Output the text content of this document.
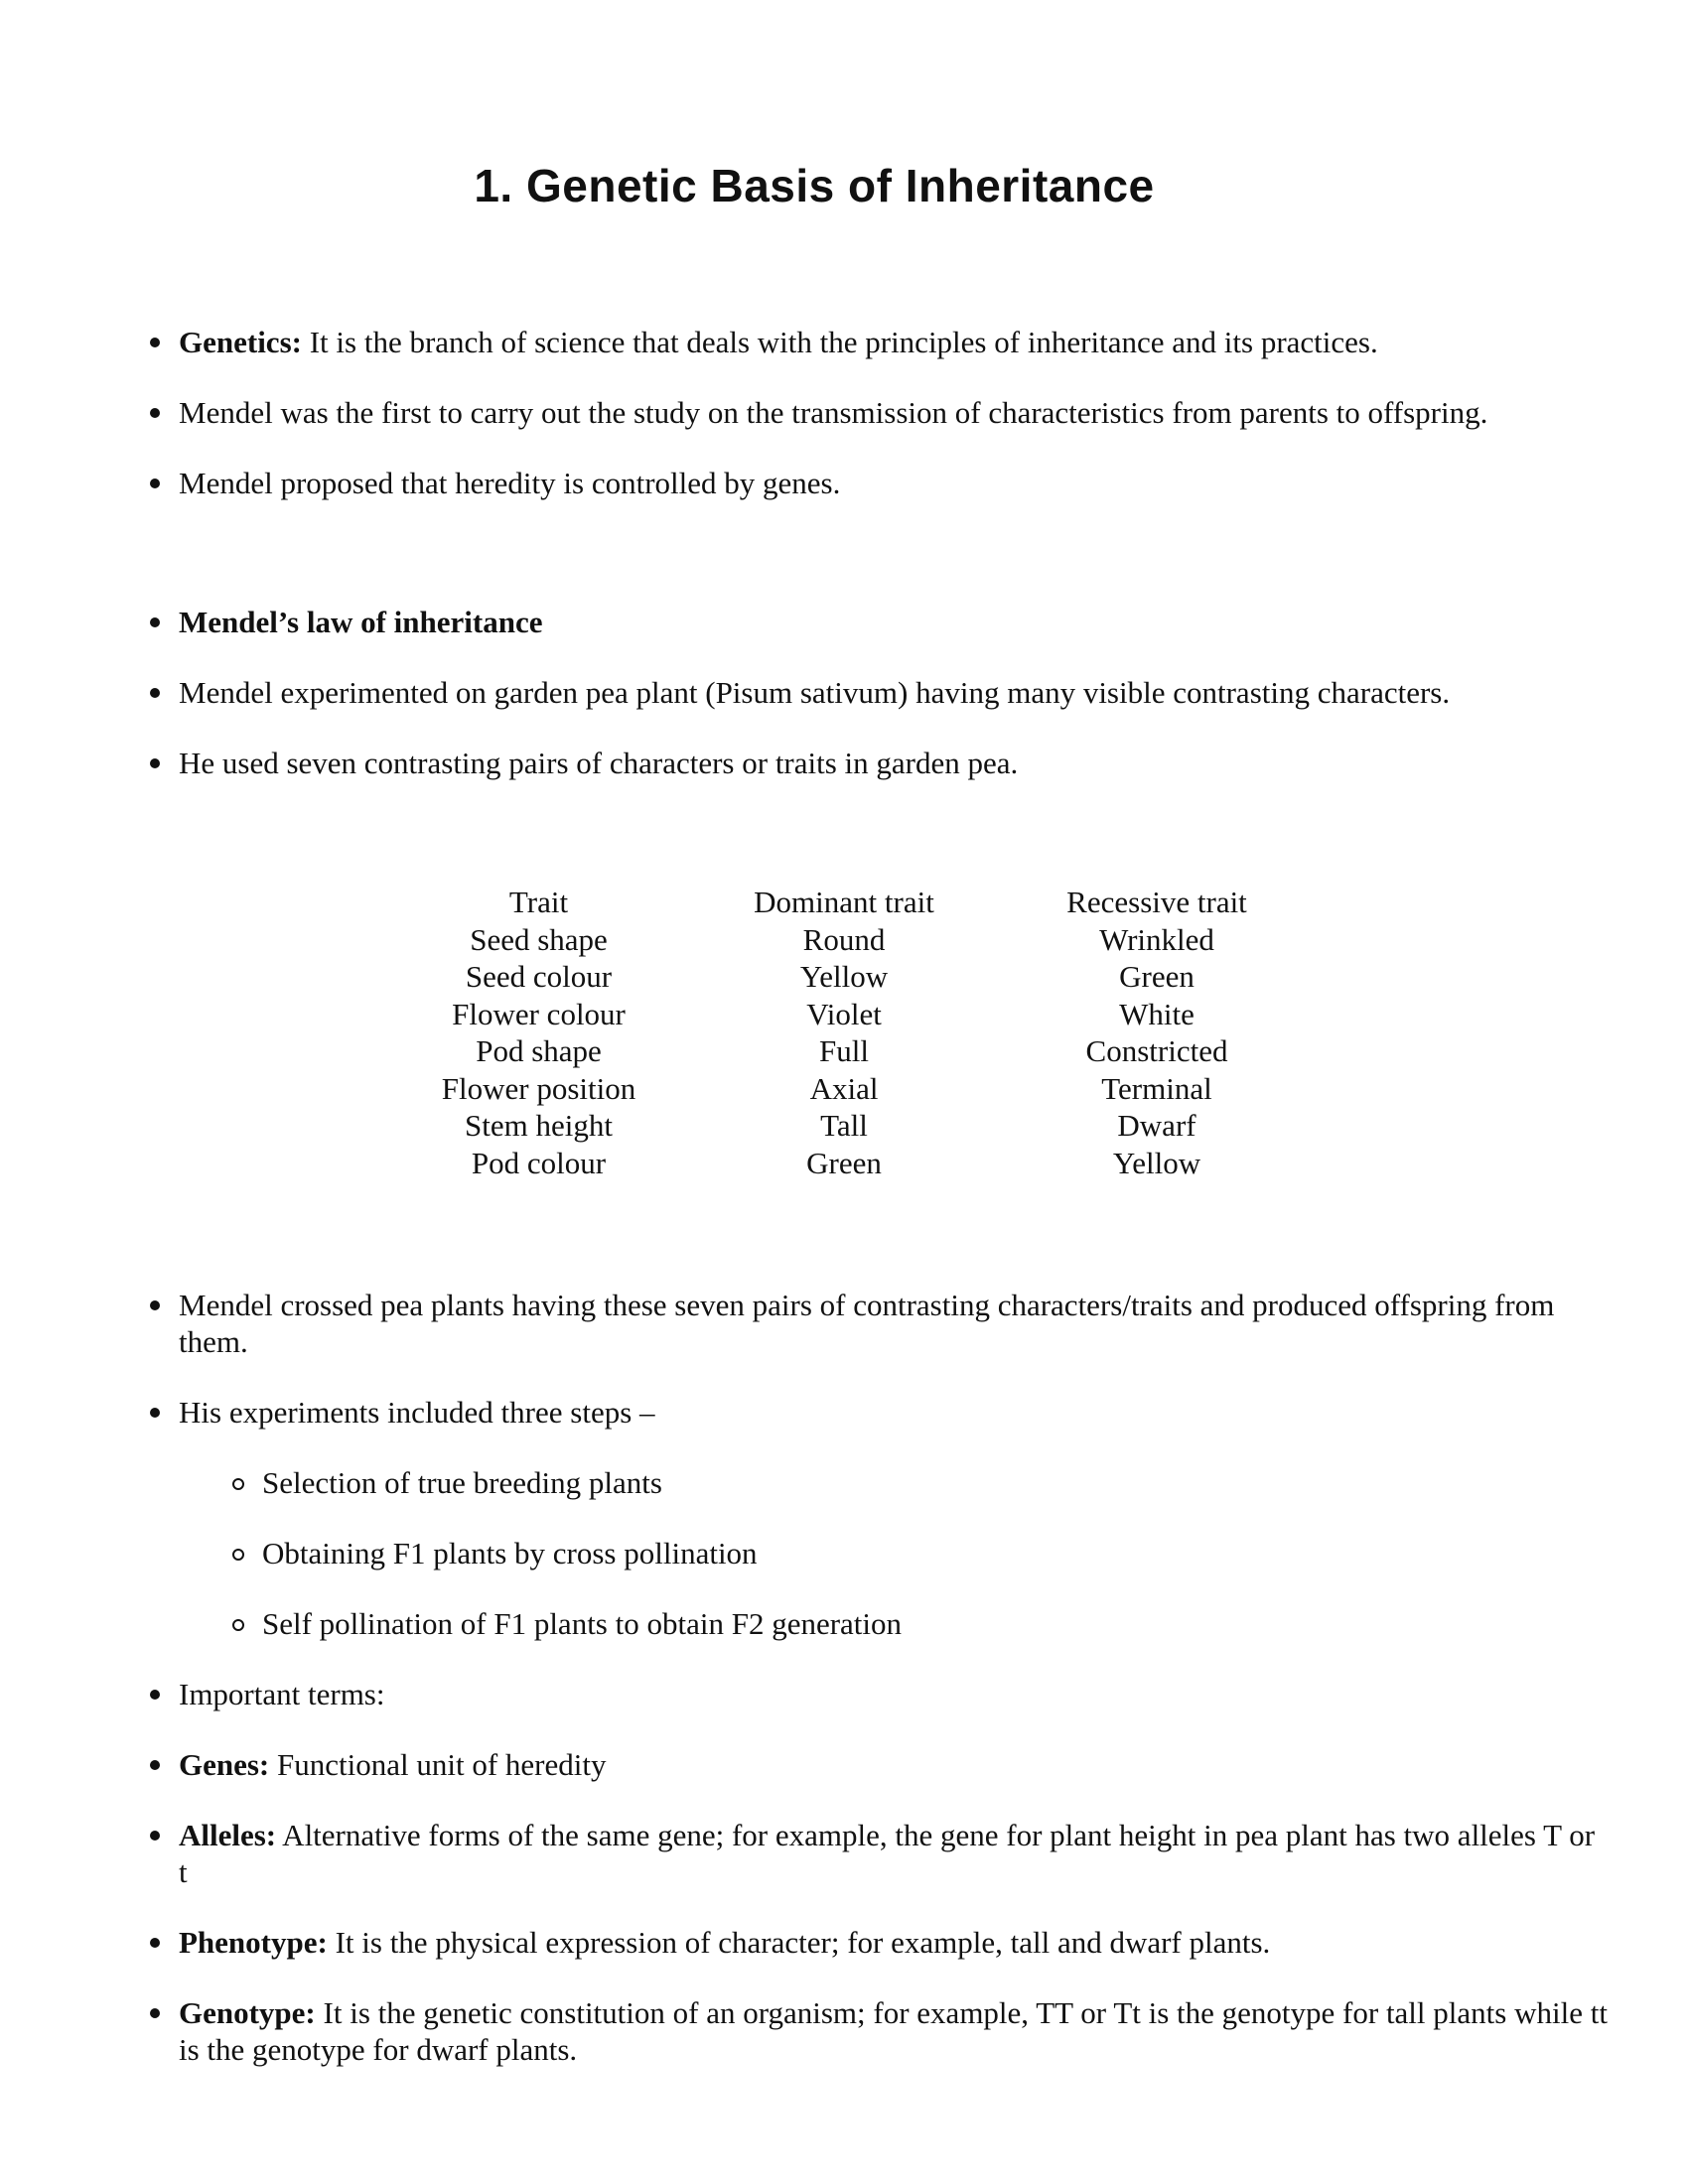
1. Genetic Basis of Inheritance
Genetics: It is the branch of science that deals with the principles of inheritance and its practices.
Mendel was the first to carry out the study on the transmission of characteristics from parents to offspring.
Mendel proposed that heredity is controlled by genes.
Mendel’s law of inheritance
Mendel experimented on garden pea plant (Pisum sativum) having many visible contrasting characters.
He used seven contrasting pairs of characters or traits in garden pea.
Trait	Dominant trait	Recessive trait
Seed shape	Round	Wrinkled
Seed colour	Yellow	Green
Flower colour	Violet	White
Pod shape	Full	Constricted
Flower position	Axial	Terminal
Stem height	Tall	Dwarf
Pod colour	Green	Yellow
Mendel crossed pea plants having these seven pairs of contrasting characters/traits and produced offspring from them.
His experiments included three steps –
Selection of true breeding plants
Obtaining F1 plants by cross pollination
Self pollination of F1 plants to obtain F2 generation
Important terms:
Genes: Functional unit of heredity
Alleles: Alternative forms of the same gene; for example, the gene for plant height in pea plant has two alleles T or t
Phenotype: It is the physical expression of character; for example, tall and dwarf plants.
Genotype: It is the genetic constitution of an organism; for example, TT or Tt is the genotype for tall plants while tt is the genotype for dwarf plants.
